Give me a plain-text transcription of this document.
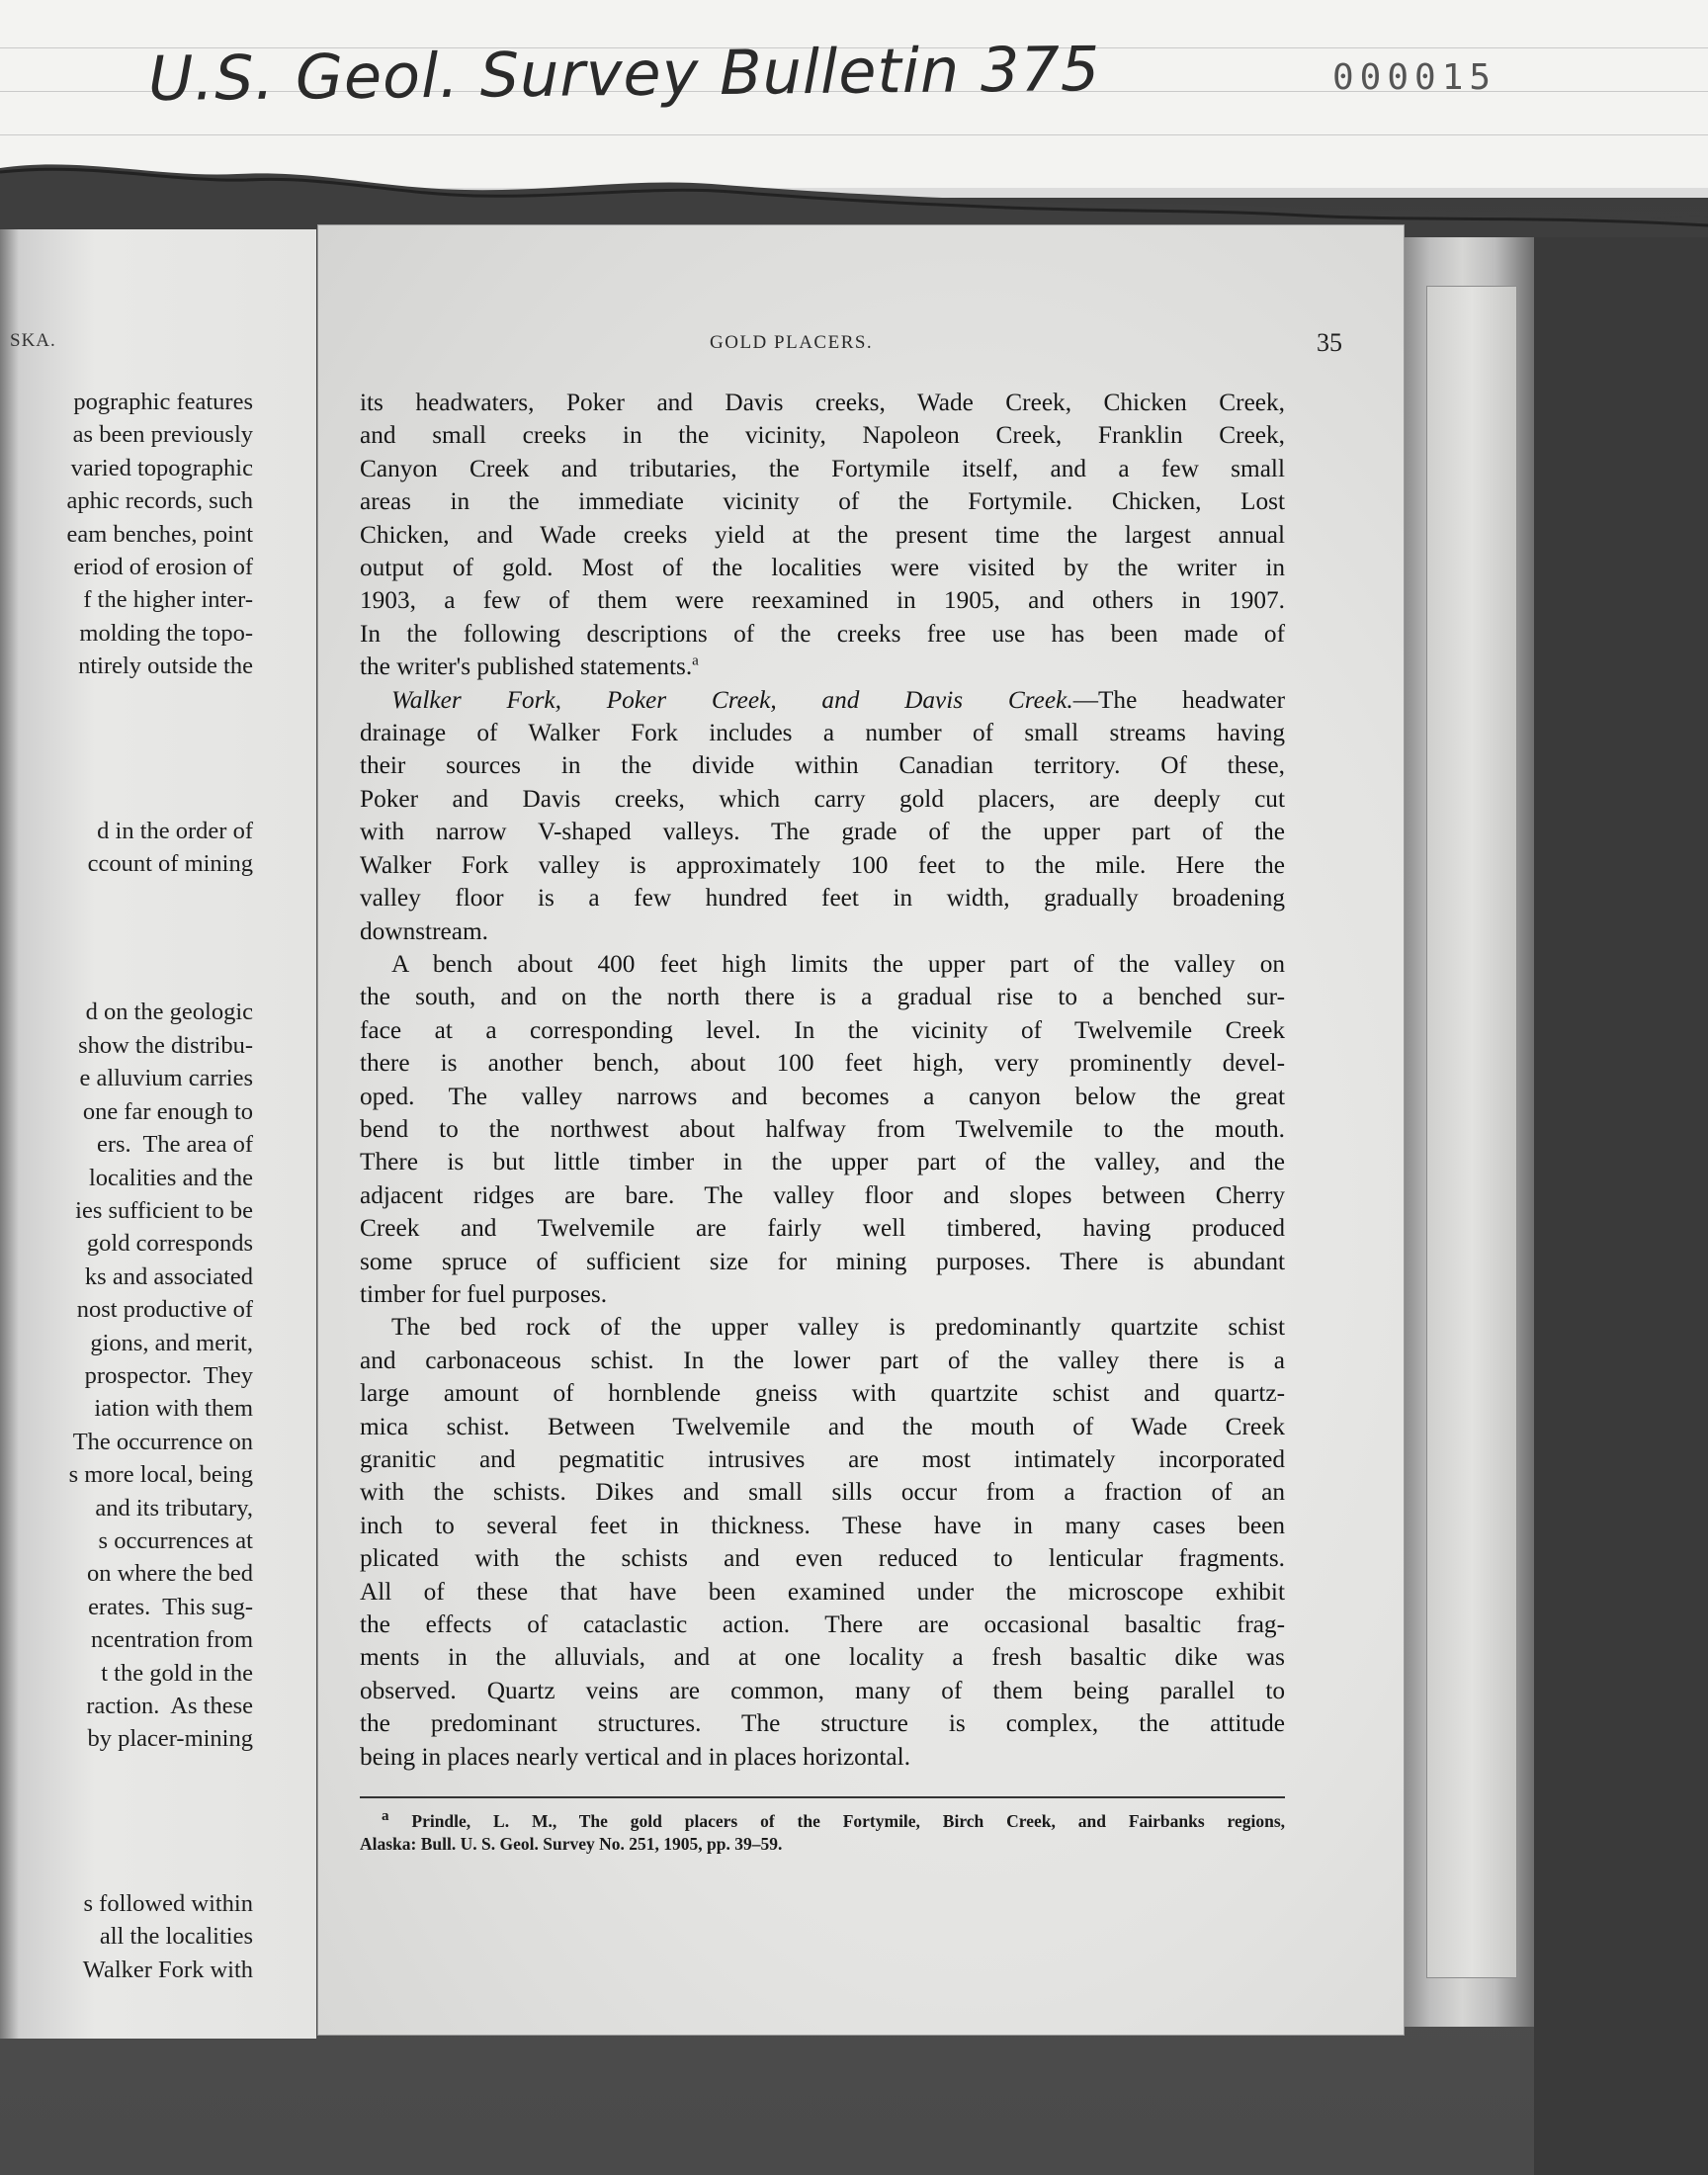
U.S. Geol. Survey Bulletin 375	000015
SKA.
pographic features
as been previously
varied topographic
aphic records, such
eam benches, point
eriod of erosion of
f the higher inter-
molding the topo-
ntirely outside the
d in the order of
ccount of mining
d on the geologic
show the distribu-
e alluvium carries
one far enough to
ers.  The area of
localities and the
ies sufficient to be
gold corresponds
ks and associated
nost productive of
gions, and merit,
prospector.  They
iation with them
The occurrence on
s more local, being
and its tributary,
s occurrences at
on where the bed
erates.  This sug-
ncentration from
t the gold in the
raction.  As these
by placer-mining
s followed within
all the localities
Walker Fork with
GOLD PLACERS.	35

its headwaters, Poker and Davis creeks, Wade Creek, Chicken Creek,
and small creeks in the vicinity, Napoleon Creek, Franklin Creek,
Canyon Creek and tributaries, the Fortymile itself, and a few small
areas in the immediate vicinity of the Fortymile. Chicken, Lost
Chicken, and Wade creeks yield at the present time the largest annual
output of gold. Most of the localities were visited by the writer in
1903, a few of them were reexamined in 1905, and others in 1907.
In the following descriptions of the creeks free use has been made of
the writer's published statements.$^a$

Walker Fork, Poker Creek, and Davis Creek.—The headwater
drainage of Walker Fork includes a number of small streams having
their sources in the divide within Canadian territory. Of these,
Poker and Davis creeks, which carry gold placers, are deeply cut
with narrow V-shaped valleys. The grade of the upper part of the
Walker Fork valley is approximately 100 feet to the mile. Here the
valley floor is a few hundred feet in width, gradually broadening
downstream.

A bench about 400 feet high limits the upper part of the valley on
the south, and on the north there is a gradual rise to a benched sur-
face at a corresponding level. In the vicinity of Twelvemile Creek
there is another bench, about 100 feet high, very prominently devel-
oped. The valley narrows and becomes a canyon below the great
bend to the northwest about halfway from Twelvemile to the mouth.
There is but little timber in the upper part of the valley, and the
adjacent ridges are bare. The valley floor and slopes between Cherry
Creek and Twelvemile are fairly well timbered, having produced
some spruce of sufficient size for mining purposes. There is abundant
timber for fuel purposes.

The bed rock of the upper valley is predominantly quartzite schist
and carbonaceous schist. In the lower part of the valley there is a
large amount of hornblende gneiss with quartzite schist and quartz-
mica schist. Between Twelvemile and the mouth of Wade Creek
granitic and pegmatitic intrusives are most intimately incorporated
with the schists. Dikes and small sills occur from a fraction of an
inch to several feet in thickness. These have in many cases been
plicated with the schists and even reduced to lenticular fragments.
All of these that have been examined under the microscope exhibit
the effects of cataclastic action. There are occasional basaltic frag-
ments in the alluvials, and at one locality a fresh basaltic dike was
observed. Quartz veins are common, many of them being parallel to
the predominant structures. The structure is complex, the attitude
being in places nearly vertical and in places horizontal.

a Prindle, L. M., The gold placers of the Fortymile, Birch Creek, and Fairbanks regions,
Alaska: Bull. U. S. Geol. Survey No. 251, 1905, pp. 39–59.
